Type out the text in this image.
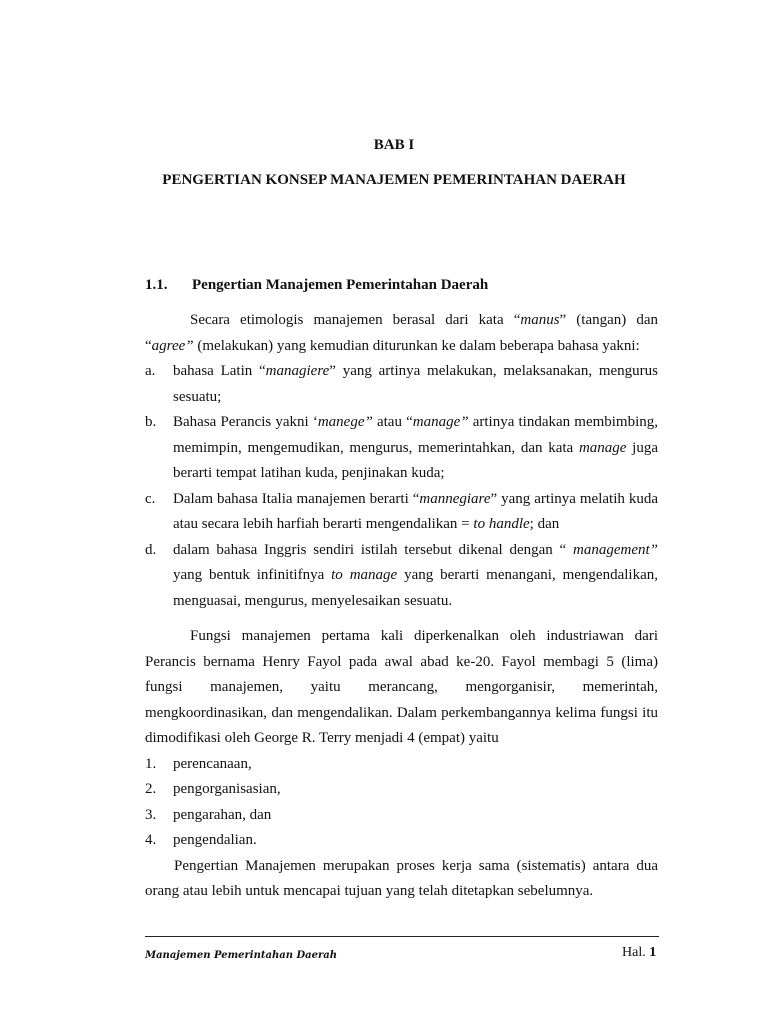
BAB I
PENGERTIAN KONSEP MANAJEMEN PEMERINTAHAN DAERAH
1.1. Pengertian Manajemen Pemerintahan Daerah

Secara etimologis manajemen berasal dari kata “manus” (tangan) dan “agree” (melakukan) yang kemudian diturunkan ke dalam beberapa bahasa yakni:

a. bahasa Latin “managiere” yang artinya melakukan, melaksanakan, mengurus sesuatu;
b. Bahasa Perancis yakni ‘manege” atau “manage” artinya tindakan membimbing, memimpin, mengemudikan, mengurus, memerintahkan, dan kata manage juga berarti tempat latihan kuda, penjinakan kuda;
c. Dalam bahasa Italia manajemen berarti “mannegiare” yang artinya melatih kuda atau secara lebih harfiah berarti mengendalikan = to handle; dan
d. dalam bahasa Inggris sendiri istilah tersebut dikenal dengan “ management” yang bentuk infinitifnya to manage yang berarti menangani, mengendalikan, menguasai, mengurus, menyelesaikan sesuatu.

Fungsi manajemen pertama kali diperkenalkan oleh industriawan dari Perancis bernama Henry Fayol pada awal abad ke-20. Fayol membagi 5 (lima) fungsi manajemen, yaitu merancang, mengorganisir, memerintah, mengkoordinasikan, dan mengendalikan. Dalam perkembangannya kelima fungsi itu dimodifikasi oleh George R. Terry menjadi 4 (empat) yaitu

1. perencanaan,
2. pengorganisasian,
3. pengarahan, dan
4. pengendalian.

Pengertian Manajemen merupakan proses kerja sama (sistematis) antara dua orang atau lebih untuk mencapai tujuan yang telah ditetapkan sebelumnya.

Manajemen Pemerintahan Daerah	Hal. 1
